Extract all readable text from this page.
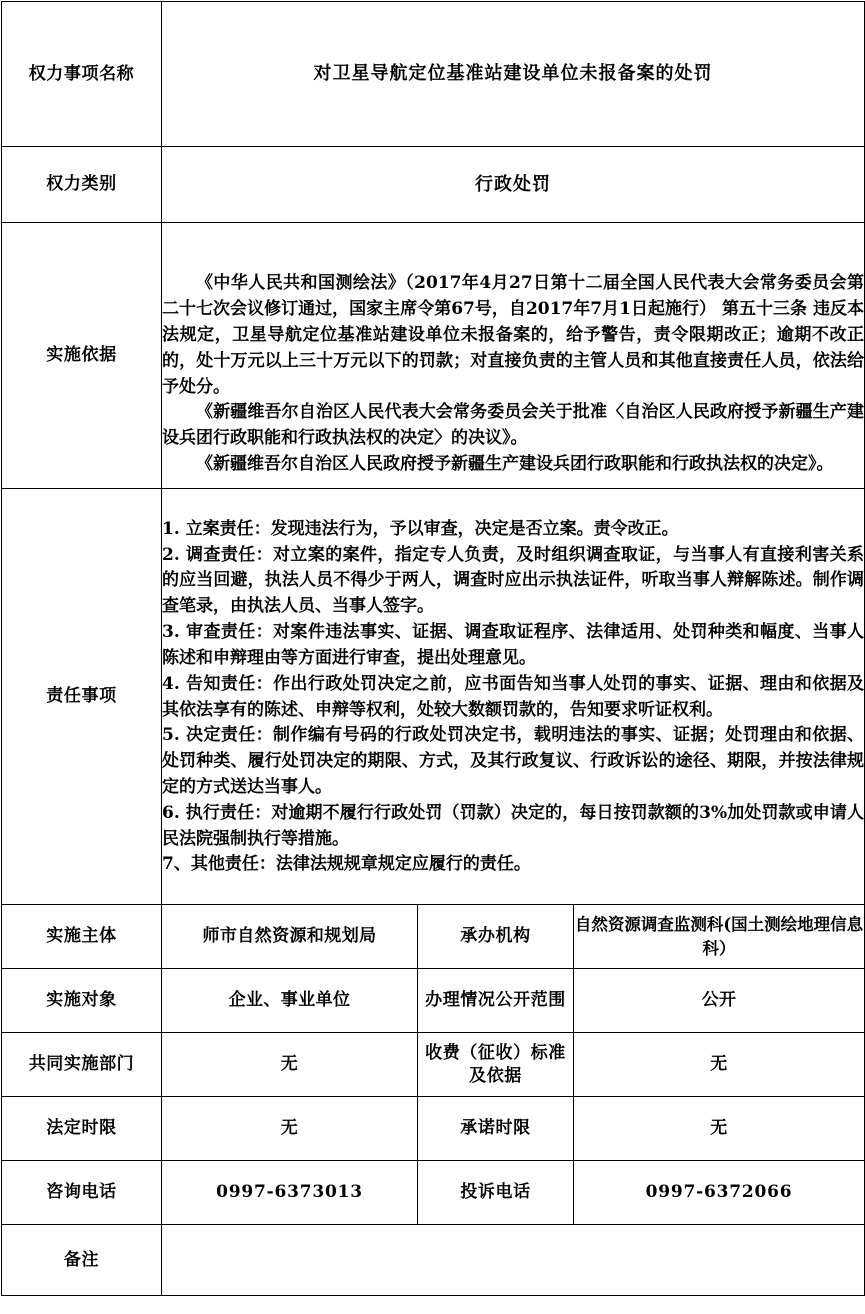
权力事项名称	对卫星导航定位基准站建设单位未报备案的处罚		
权力类别	行政处罚		
实施依据	《中华人民共和国测绘法》（2017年4月27日第十二届全国人民代表大会常务委员会第二十七次会议修订通过，国家主席令第67号，自2017年7月1日起施行） 第五十三条 违反本法规定，卫星导航定位基准站建设单位未报备案的，给予警告，责令限期改正；逾期不改正的，处十万元以上三十万元以下的罚款；对直接负责的主管人员和其他直接责任人员，依法给予处分。

《新疆维吾尔自治区人民代表大会常务委员会关于批准〈自治区人民政府授予新疆生产建设兵团行政职能和行政执法权的决定〉的决议》。

《新疆维吾尔自治区人民政府授予新疆生产建设兵团行政职能和行政执法权的决定》。		

责任事项	

1. 立案责任：发现违法行为，予以审查，决定是否立案。责令改正。

2. 调查责任：对立案的案件，指定专人负责，及时组织调查取证，与当事人有直接利害关系的应当回避，执法人员不得少于两人，调查时应出示执法证件，听取当事人辩解陈述。制作调查笔录，由执法人员、当事人签字。

3. 审查责任：对案件违法事实、证据、调查取证程序、法律适用、处罚种类和幅度、当事人陈述和申辩理由等方面进行审查，提出处理意见。

4. 告知责任：作出行政处罚决定之前，应书面告知当事人处罚的事实、证据、理由和依据及其依法享有的陈述、申辩等权利，处较大数额罚款的，告知要求听证权利。

5. 决定责任：制作编有号码的行政处罚决定书，载明违法的事实、证据；处罚理由和依据、处罚种类、履行处罚决定的期限、方式，及其行政复议、行政诉讼的途径、期限，并按法律规定的方式送达当事人。

6. 执行责任：对逾期不履行行政处罚（罚款）决定的，每日按罚款额的3%加处罚款或申请人民法院强制执行等措施。

7、其他责任：法律法规规章规定应履行的责任。

实施主体	师市自然资源和规划局	承办机构	自然资源调查监测科(国土测绘地理信息科）
实施对象	企业、事业单位	办理情况公开范围	公开
共同实施部门	无	收费（征收）标准及依据	无
法定时限	无	承诺时限	无
咨询电话	0997-6373013	投诉电话	0997-6372066
备注			
